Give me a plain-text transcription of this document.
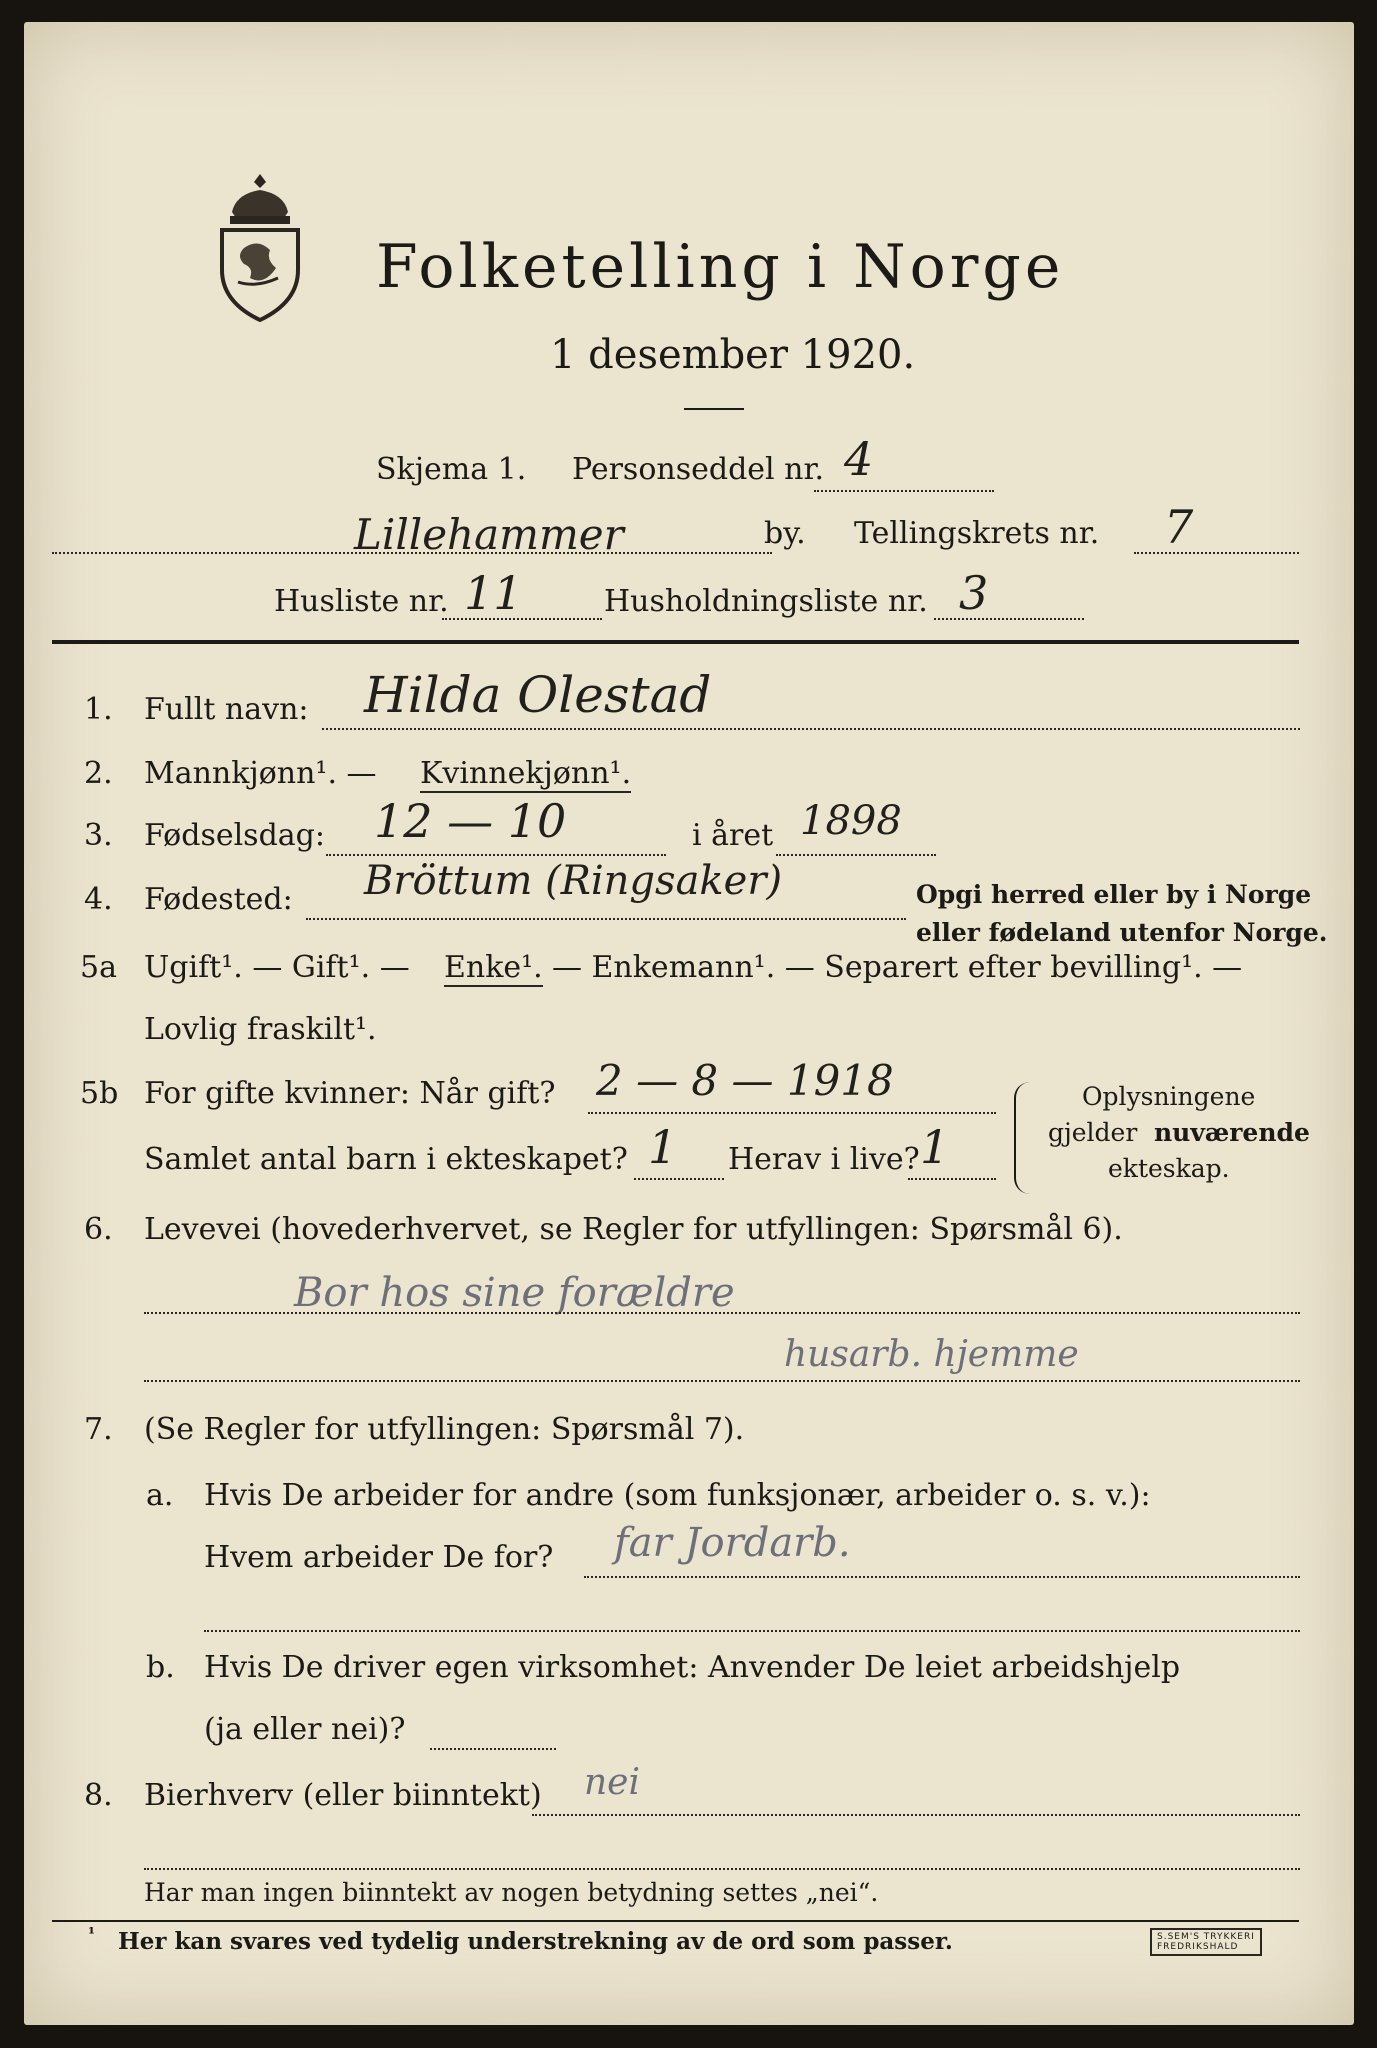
Folketelling i Norge
1 desember 1920.
Skjema 1. Personseddel nr. 4
Lillehammer	by. Tellingskrets nr. 7
Husliste nr. 11	Husholdningsliste nr. 3
1. Fullt navn: Hilda Olestad
2. Mannkjønn¹. — Kvinnekjønn¹.
3. Fødselsdag: 12 — 10	i året 1898
4. Fødested: Bröttum (Ringsaker)	Opgi herred eller by i Norge
eller fødeland utenfor Norge.
5a Ugift¹. — Gift¹. — Enke¹. — Enkemann¹. — Separert efter bevilling¹. —
Lovlig fraskilt¹.
5b For gifte kvinner: Når gift? 2 — 8 — 1918
Samlet antal barn i ekteskapet? 1 Herav i live? 1
Oplysningene
gjelder nuværende
ekteskap.
6. Levevei (hovederhvervet, se Regler for utfyllingen: Spørsmål 6).
Bor hos sine forældre
husarb. hjemme
7. (Se Regler for utfyllingen: Spørsmål 7).
a. Hvis De arbeider for andre (som funksjonær, arbeider o. s. v.):
Hvem arbeider De for? far Jordarb.
b. Hvis De driver egen virksomhet: Anvender De leiet arbeidshjelp
(ja eller nei)?
8. Bierhverv (eller biinntekt) nei
Har man ingen biinntekt av nogen betydning settes „nei“.
¹ Her kan svares ved tydelig understrekning av de ord som passer.	S.SEM'S TRYKKERI
FREDRIKSHALD
